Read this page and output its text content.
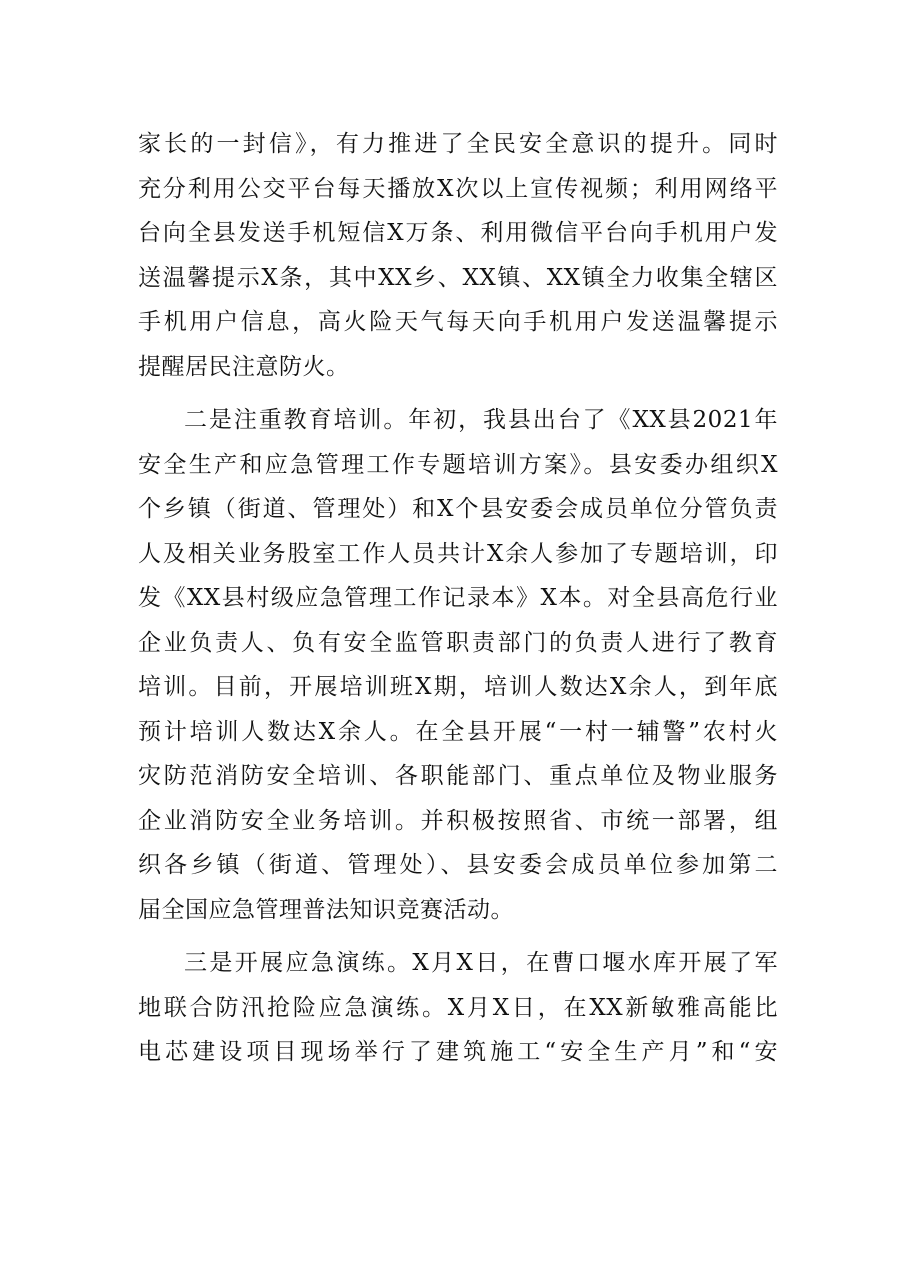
家长的一封信》，有力推进了全民安全意识的提升。同时
充分利用公交平台每天播放X次以上宣传视频；利用网络平
台向全县发送手机短信X万条、利用微信平台向手机用户发
送温馨提示X条，其中XX乡、XX镇、XX镇全力收集全辖区
手机用户信息，高火险天气每天向手机用户发送温馨提示
提醒居民注意防火。
二是注重教育培训。年初，我县出台了《XX县2021年
安全生产和应急管理工作专题培训方案》。县安委办组织X
个乡镇（街道、管理处）和X个县安委会成员单位分管负责
人及相关业务股室工作人员共计X余人参加了专题培训，印
发《XX县村级应急管理工作记录本》X本。对全县高危行业
企业负责人、负有安全监管职责部门的负责人进行了教育
培训。目前，开展培训班X期，培训人数达X余人，到年底
预计培训人数达X余人。在全县开展“一村一辅警”农村火
灾防范消防安全培训、各职能部门、重点单位及物业服务
企业消防安全业务培训。并积极按照省、市统一部署，组
织各乡镇（街道、管理处）、县安委会成员单位参加第二
届全国应急管理普法知识竞赛活动。
三是开展应急演练。X月X日，在曹口堰水库开展了军
地联合防汛抢险应急演练。X月X日，在XX新敏雅高能比
电芯建设项目现场举行了建筑施工“安全生产月”和“安
